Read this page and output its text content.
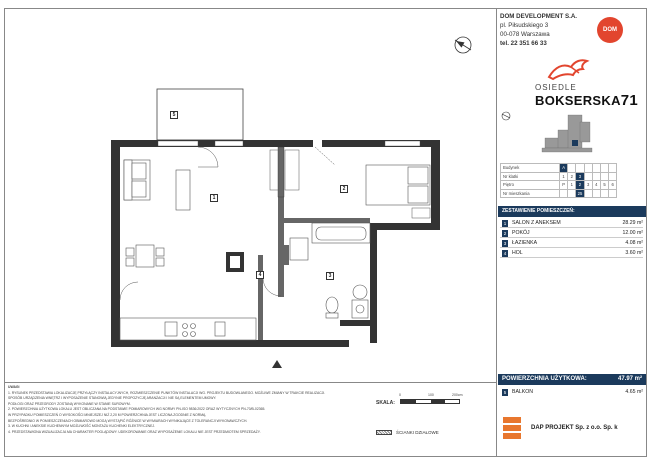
1
2
3
4
5
DOM DEVELOPMENT S.A.
pl. Piłsudskiego 3
00-078 Warszawa
tel. 22 351 66 33
DOM
OSIEDLE
BOKSERSKA71
Budynek	A						
Nr klatki	1	2	3				
Piętro	P	1	2	3	4	5	6
Nr mieszkania			25				
ZESTAWIENIE POMIESZCZEŃ:
1	SALON Z ANEKSEM	28.29 m²
2	POKÓJ	12.00 m²
3	ŁAZIENKA	4.08 m²
4	HOL	3.60 m²
POWIERZCHNIA UŻYTKOWA:	47.97 m²
5	BALKON	4.65 m²
DAP PROJEKT Sp. z o.o. Sp. k
UWAGI
1. RYSUNEK PRZEDSTAWIA LOKALIZACJĘ PRZYŁĄCZY INSTALACYJNYCH, ROZMIESZCZENIE PUNKTÓW INSTALACJI WG. PROJEKTU BUDOWLANEGO. MOŻLIWE ZMIANY W TRAKCIE REALIZACJI.
SPOSÓB URZĄDZENIA WNĘTRZ I WYPOSAŻENIE STANOWIĄ JEDYNIE PROPOZYCJĘ ARANŻACJI I NIE SĄ ELEMENTEM UMOWY.
PODŁOGI ORAZ PRZEGRODY ZOSTANĄ WYKONANE W STANIE SUROWYM.
2. POWIERZCHNIA UŻYTKOWA LOKALU JEST OBLICZANA NA PODSTAWIE POMIAROWYCH WG NORMY PN-ISO 9836:2022 ORAZ WYTYCZNYCH PN-70/B-02365.
W PRZYPADKU POMIESZCZEŃ O WYSOKOŚCI MNIEJSZEJ NIŻ 2,20 M POWIERZCHNIA JEST LICZONA ZGODNIE Z NORMĄ.
BEZPOŚREDNIO W POMIESZCZENIACH OBMIAROWO MOGĄ WYSTĄPIĆ RÓŻNICE W WYMIARACH WYNIKAJĄCE Z TOLERANCJI WYKONAWCZYCH.
3. W KUCHNI / ANEKSIE KUCHENNYM MOŻLIWOŚĆ MONTAŻU KUCHENKI ELEKTRYCZNEJ.
4. PRZEDSTAWIONA WIZUALIZACJA MA CHARAKTER POGLĄDOWY. UDEKOROWANIE ORAZ WYPOSAŻENIE LOKALU NIE JEST PRZEDMIOTEM SPRZEDAŻY.
SKALA:
0	100	200cm
ŚCIANKI DZIAŁOWE
